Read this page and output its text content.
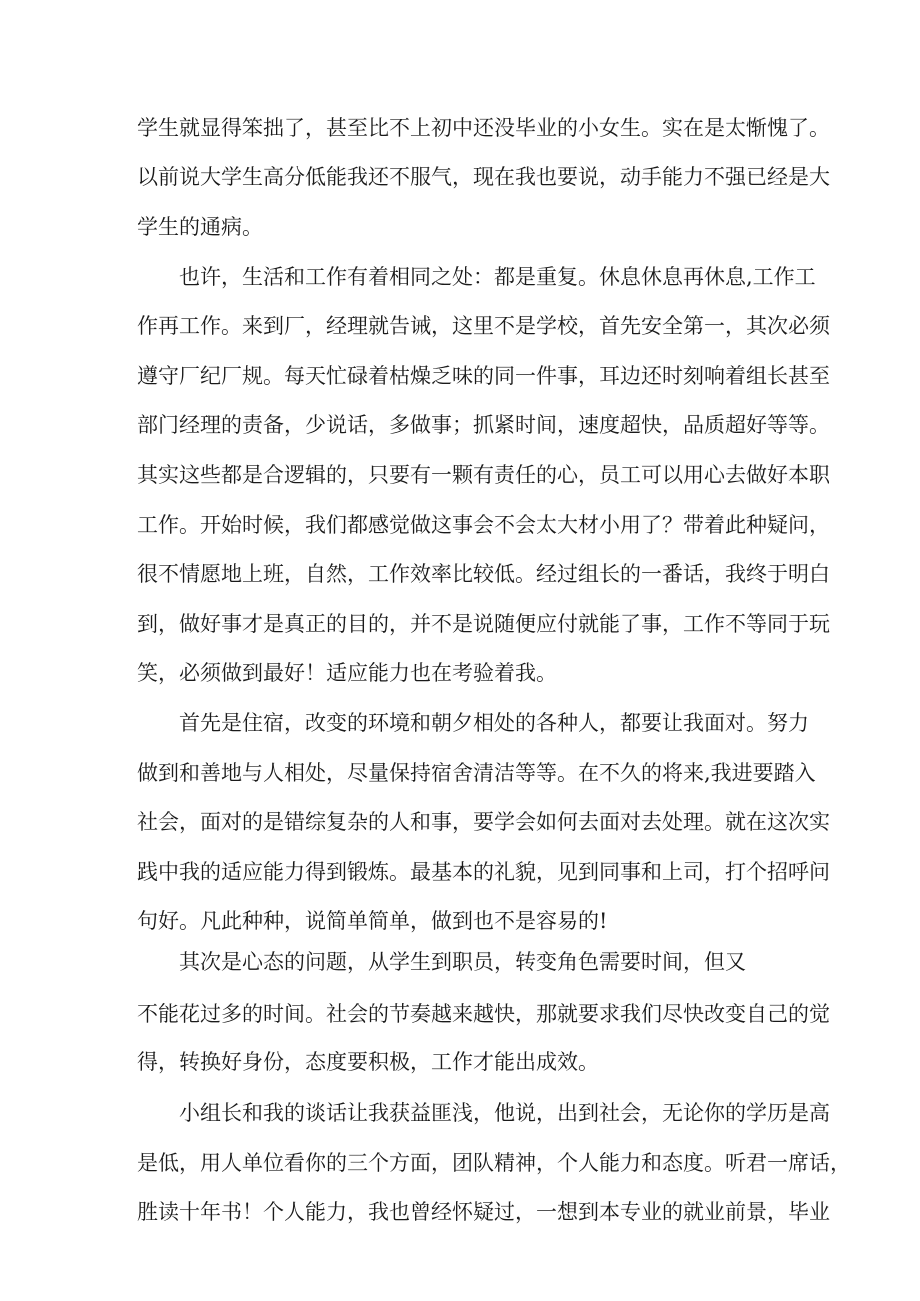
学生就显得笨拙了，甚至比不上初中还没毕业的小女生。实在是太惭愧了。
以前说大学生高分低能我还不服气，现在我也要说，动手能力不强已经是大
学生的通病。
也许，生活和工作有着相同之处：都是重复。休息休息再休息,工作工
作再工作。来到厂，经理就告诫，这里不是学校，首先安全第一，其次必须
遵守厂纪厂规。每天忙碌着枯燥乏味的同一件事，耳边还时刻响着组长甚至
部门经理的责备，少说话，多做事；抓紧时间，速度超快，品质超好等等。
其实这些都是合逻辑的，只要有一颗有责任的心，员工可以用心去做好本职
工作。开始时候，我们都感觉做这事会不会太大材小用了？带着此种疑问，
很不情愿地上班，自然，工作效率比较低。经过组长的一番话，我终于明白
到，做好事才是真正的目的，并不是说随便应付就能了事，工作不等同于玩
笑，必须做到最好！适应能力也在考验着我。
首先是住宿，改变的环境和朝夕相处的各种人，都要让我面对。努力
做到和善地与人相处，尽量保持宿舍清洁等等。在不久的将来,我进要踏入
社会，面对的是错综复杂的人和事，要学会如何去面对去处理。就在这次实
践中我的适应能力得到锻炼。最基本的礼貌，见到同事和上司，打个招呼问
句好。凡此种种，说简单简单，做到也不是容易的!
其次是心态的问题，从学生到职员，转变角色需要时间，但又
不能花过多的时间。社会的节奏越来越快，那就要求我们尽快改变自己的觉
得，转换好身份，态度要积极，工作才能出成效。
小组长和我的谈话让我获益匪浅，他说，出到社会，无论你的学历是高
是低，用人单位看你的三个方面，团队精神，个人能力和态度。听君一席话，
胜读十年书！个人能力，我也曾经怀疑过，一想到本专业的就业前景，毕业
